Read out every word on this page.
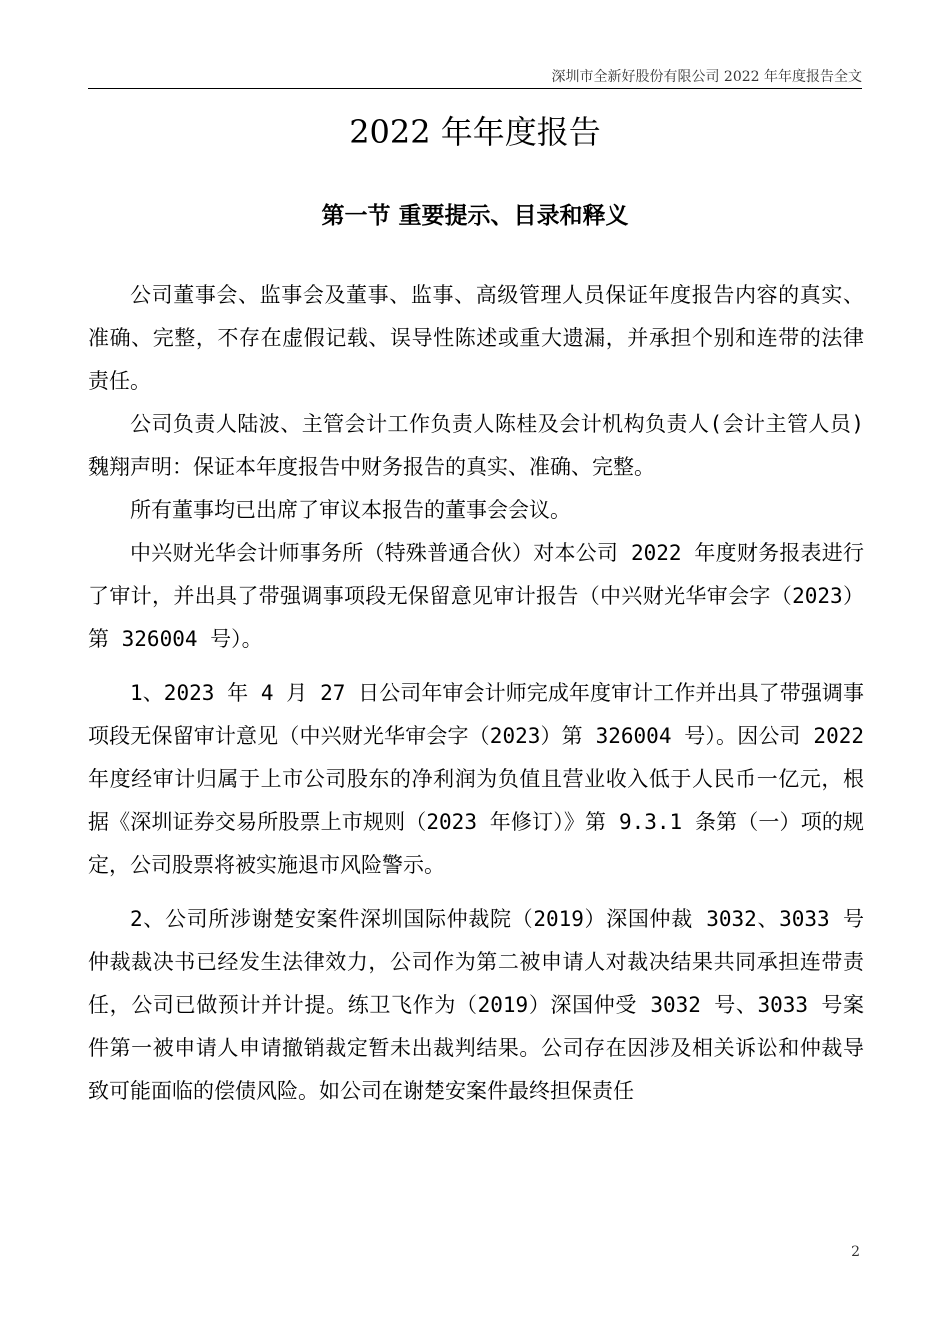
深圳市全新好股份有限公司 2022 年年度报告全文
2022 年年度报告
第一节 重要提示、目录和释义

公司董事会、监事会及董事、监事、高级管理人员保证年度报告内容的真实、准确、完整，不存在虚假记载、误导性陈述或重大遗漏，并承担个别和连带的法律责任。

公司负责人陆波、主管会计工作负责人陈桂及会计机构负责人(会计主管人员)魏翔声明：保证本年度报告中财务报告的真实、准确、完整。

所有董事均已出席了审议本报告的董事会会议。

中兴财光华会计师事务所（特殊普通合伙）对本公司 2022 年度财务报表进行了审计，并出具了带强调事项段无保留意见审计报告（中兴财光华审会字（2023）第 326004 号）。

1、2023 年 4 月 27 日公司年审会计师完成年度审计工作并出具了带强调事项段无保留审计意见（中兴财光华审会字（2023）第 326004 号）。因公司 2022 年度经审计归属于上市公司股东的净利润为负值且营业收入低于人民币一亿元，根据《深圳证券交易所股票上市规则（2023 年修订）》第 9.3.1 条第（一）项的规定，公司股票将被实施退市风险警示。

2、公司所涉谢楚安案件深圳国际仲裁院（2019）深国仲裁 3032、3033 号仲裁裁决书已经发生法律效力，公司作为第二被申请人对裁决结果共同承担连带责任，公司已做预计并计提。练卫飞作为（2019）深国仲受 3032 号、3033 号案件第一被申请人申请撤销裁定暂未出裁判结果。公司存在因涉及相关诉讼和仲裁导致可能面临的偿债风险。如公司在谢楚安案件最终担保责任

2
